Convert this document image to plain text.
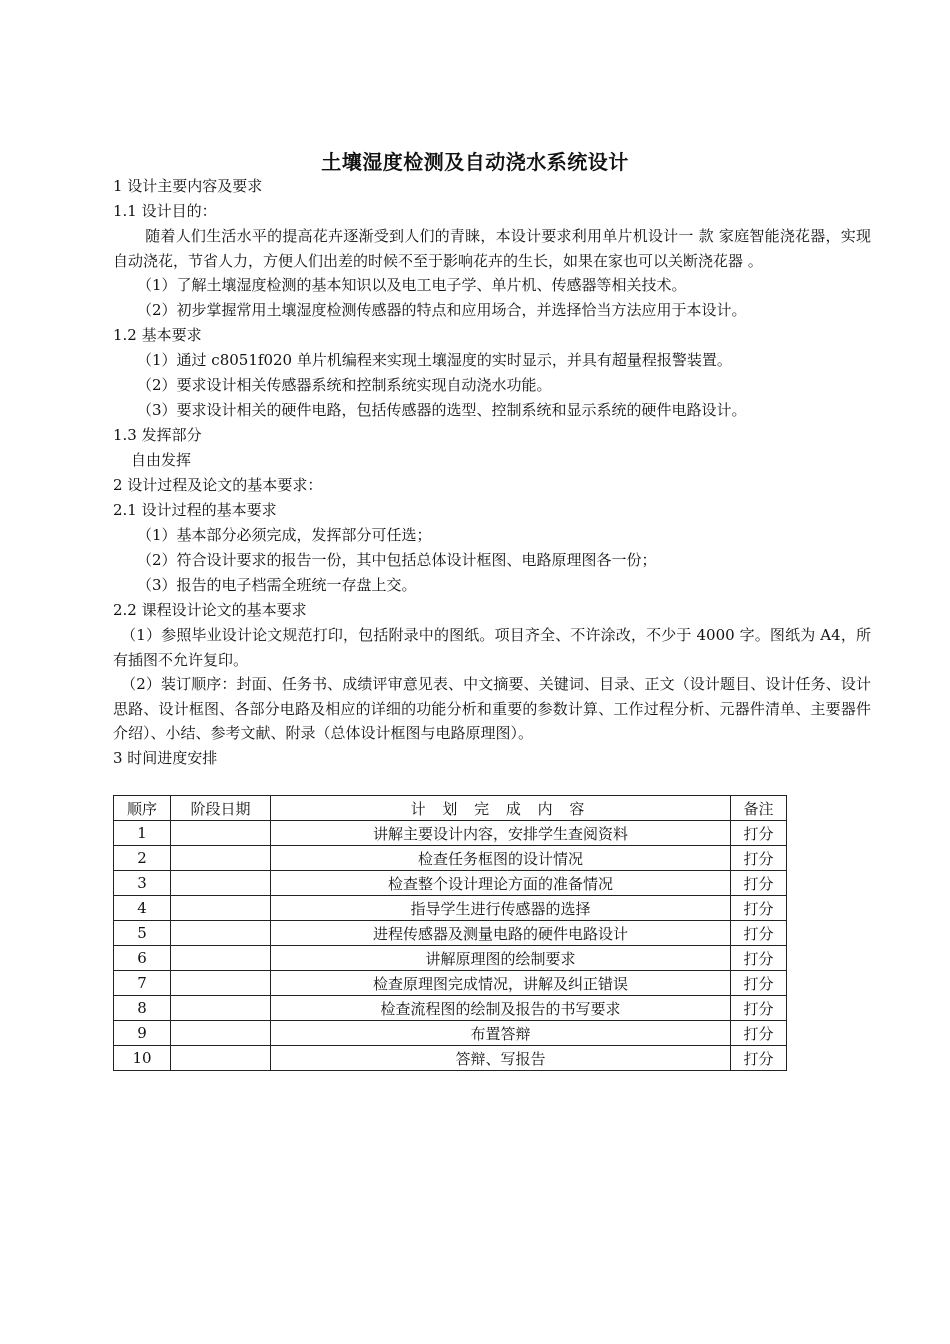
土壤湿度检测及自动浇水系统设计
1 设计主要内容及要求
1.1 设计目的：
随着人们生活水平的提高花卉逐渐受到人们的青睐，本设计要求利用单片机设计一 款 家庭智能浇花器，实现自动浇花，节省人力，方便人们出差的时候不至于影响花卉的生长，如果在家也可以关断浇花器 。
（1）了解土壤湿度检测的基本知识以及电工电子学、单片机、传感器等相关技术。
（2）初步掌握常用土壤湿度检测传感器的特点和应用场合，并选择恰当方法应用于本设计。
1.2 基本要求
（1）通过 c8051f020 单片机编程来实现土壤湿度的实时显示，并具有超量程报警装置。
（2）要求设计相关传感器系统和控制系统实现自动浇水功能。
（3）要求设计相关的硬件电路，包括传感器的选型、控制系统和显示系统的硬件电路设计。
1.3 发挥部分
自由发挥
2 设计过程及论文的基本要求：
2.1 设计过程的基本要求
（1）基本部分必须完成，发挥部分可任选；
（2）符合设计要求的报告一份，其中包括总体设计框图、电路原理图各一份；
（3）报告的电子档需全班统一存盘上交。
2.2 课程设计论文的基本要求
（1）参照毕业设计论文规范打印，包括附录中的图纸。项目齐全、不许涂改，不少于 4000 字。图纸为 A4，所有插图不允许复印。
（2）装订顺序：封面、任务书、成绩评审意见表、中文摘要、关键词、目录、正文（设计题目、设计任务、设计思路、设计框图、各部分电路及相应的详细的功能分析和重要的参数计算、工作过程分析、元器件清单、主要器件介绍）、小结、参考文献、附录（总体设计框图与电路原理图）。
3 时间进度安排
顺序	阶段日期	计 划 完 成 内 容	备注
1		讲解主要设计内容，安排学生查阅资料	打分
2		检查任务框图的设计情况	打分
3		检查整个设计理论方面的准备情况	打分
4		指导学生进行传感器的选择	打分
5		进程传感器及测量电路的硬件电路设计	打分
6		讲解原理图的绘制要求	打分
7		检查原理图完成情况，讲解及纠正错误	打分
8		检查流程图的绘制及报告的书写要求	打分
9		布置答辩	打分
10		答辩、写报告	打分
